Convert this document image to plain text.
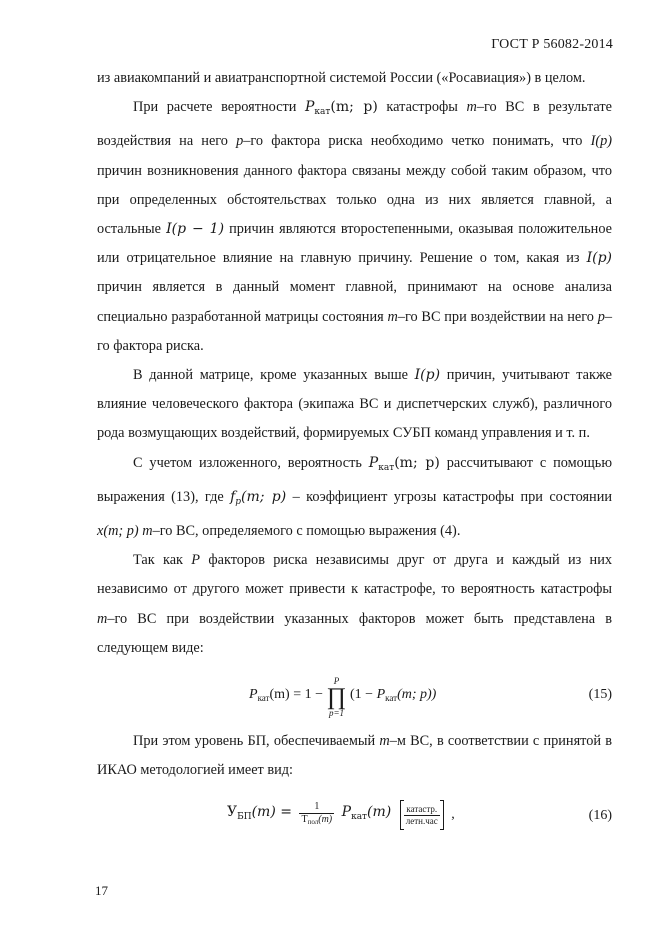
ГОСТ Р 56082-2014

из авиакомпаний и авиатранспортной системой России («Росавиация») в целом.

При расчете вероятности $P_{кат}(m$; p) катастрофы m–го ВС в результате воздействия на него p–го фактора риска необходимо четко понимать, что I(p) причин возникновения данного фактора связаны между собой таким образом, что при определенных обстоятельствах только одна из них является главной, а остальные I(p − 1) причин являются второстепенными, оказывая положительное или отрицательное влияние на главную причину. Решение о том, какая из I(p) причин является в данный момент главной, принимают на основе анализа специально разработанной матрицы состояния m–го ВС при воздействии на него p–го фактора риска.

В данной матрице, кроме указанных выше I(p) причин, учитывают также влияние человеческого фактора (экипажа ВС и диспетчерских служб), различного рода возмущающих воздействий, формируемых СУБП команд управления и т. п.

С учетом изложенного, вероятность $P_{кат}(m$; p) рассчитывают с помощью выражения (13), где $f_p(m$; p) – коэффициент угрозы катастрофы при состоянии x(m; p) m–го ВС, определяемого с помощью выражения (4).

Так как P факторов риска независимы друг от друга и каждый из них независимо от другого может привести к катастрофе, то вероятность катастрофы m–го ВС при воздействии указанных факторов может быть представлена в следующем виде:

$P_{кат}(m) = 1$ −
P
∏
p=1
($1 - P_{кат}(m$; p))	(15)

При этом уровень БП, обеспечиваемый m–м ВС, в соответствии с принятой в ИКАО методологией имеет вид:

$У_{БП}(m) = \frac{1}{T_{пол}(m)} P_{кат}(m) \frac{\text{катастр.}}{\text{летн.час}}$ ,	(16)
17
